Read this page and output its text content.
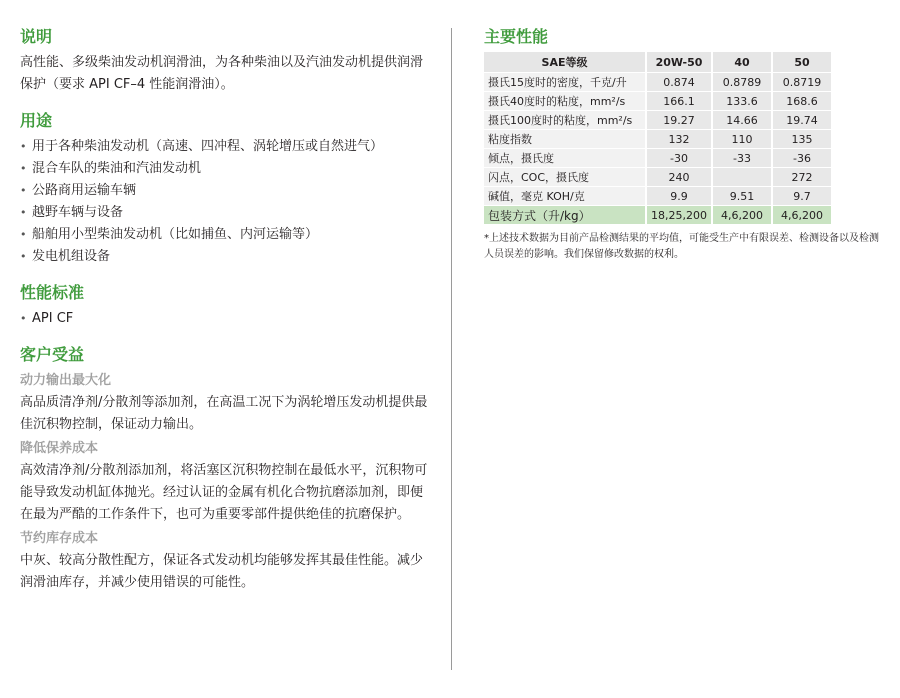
说明

高性能、多级柴油发动机润滑油，为各种柴油以及汽油发动机提供润滑保护（要求 API CF–4 性能润滑油）。

用途
• 用于各种柴油发动机（高速、四冲程、涡轮增压或自然进气）
• 混合车队的柴油和汽油发动机
• 公路商用运输车辆
• 越野车辆与设备
• 船舶用小型柴油发动机（比如捕鱼、内河运输等）
• 发电机组设备
性能标准
• API CF
客户受益
动力输出最大化

高品质清净剂/分散剂等添加剂，在高温工况下为涡轮增压发动机提供最佳沉积物控制，保证动力输出。

降低保养成本

高效清净剂/分散剂添加剂，将活塞区沉积物控制在最低水平，沉积物可能导致发动机缸体抛光。经过认证的金属有机化合物抗磨添加剂，即便在最为严酷的工作条件下，也可为重要零部件提供绝佳的抗磨保护。

节约库存成本

中灰、较高分散性配方，保证各式发动机均能够发挥其最佳性能。减少润滑油库存，并减少使用错误的可能性。

主要性能
SAE等级	20W-50	40	50
摄氏15度时的密度，千克/升	0.874	0.8789	0.8719
摄氏40度时的粘度，mm²/s	166.1	133.6	168.6
摄氏100度时的粘度，mm²/s	19.27	14.66	19.74
粘度指数	132	110	135
倾点，摄氏度	-30	-33	-36
闪点，COC，摄氏度	240		272
碱值，毫克 KOH/克	9.9	9.51	9.7
包装方式（升/kg）	18,25,200	4,6,200	4,6,200

*上述技术数据为目前产品检测结果的平均值，可能受生产中有限误差、检测设备以及检测人员误差的影响。我们保留修改数据的权利。
